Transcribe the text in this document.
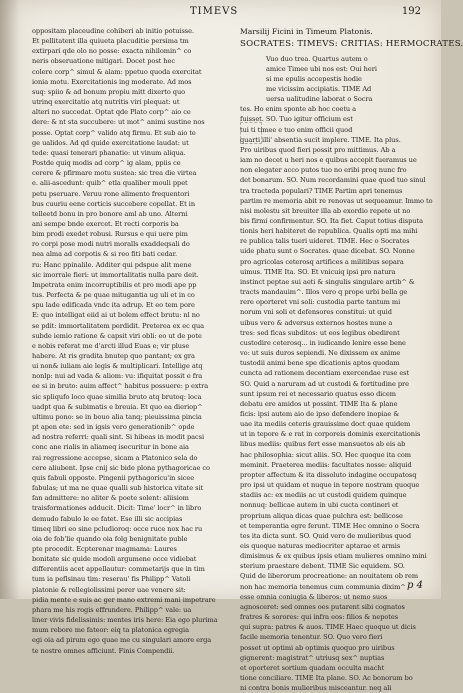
TIMEVS	192
oppositam placeudine cohiberi ab initio potuisse.
Et pellitatent illa quiueta placuditie persima tm
extirpari qde olo no posse: exacta nihilomin^ co
neris obseruatione mitigari. Docet post hec
colere corp^ simul & alam: ppetuo quoda exercitat
ionia motu. Exercitationis ing moderate. Ad mos
suq: spiio & ad bonum propiu mitt dixerto quo
utrinq exercitatio atq nutritis viri plequat: ut
alteri no succedat. Optat qde Plato corp^ aio ce
dere: & nt sta succubere: ut mot^ animi sustine nos
posse. Optat corp^ valido atq firmu. Et sub aio te
ge ualidos. Ad qd quide exercitatione laudat: ut
tede: quasi tenerari phanatio: ut vinum aliqua.
Postde quiq modis ad corp^ ig alam, ppiis ce
cerere & pfirmare motu sustea: sic trea die virtea
e. alii-ascedunt: quib^ etla qualiber mouli ppet
petu pseruare. Veruu rone alimento frequentori
bus cuuriu eene corticis succebere copellat. Et in
telleetd bonu in pro bonore aml ab uno. Alterni
ani sempe bnde exercet. Et recti corporis ba
bim prodi exedet robusi. Rursus e qui uere pim
ro corpi pose modi nutri moralls exaddeqsali do
nea alma ad corpotis & si reo fiti bati cedar.
ru: Hanc ppinalile. Additer qui pdspue alit mene
sic imorrale fieri: ut immortalitatis nulla pare deit.
Impetrata enim incorruptibilis et pro modi ape pp
tus. Perfecta & pe quae mitugantia ug uli et in co
spu lade edificada vndc ita adrup. Et eo tem pore
E: quo intelligat eiid ai ut bolem effect brutu: nl no
se pdit: immortalitatem perdidit. Preterea ex ec qua
subde iemio ratione & capsit viri obli: eo ut de pote
e nobis referat me d'arcti illud Euas e; vir pluse
habere. At ris gradita bnutep quo pantant; ex gra
ui non& iuliam aie legis & multiplicari. Intellige atq
nonlp: nui ad vada & aliom: vu: ifiquitat possit e fra
ee si in bruto: auim affect^ habitus possuere: p extra
sic spliqufo loco quae similia bruto atq brutoq: loca
uadpt qua & subimatis e breuia. Et quo ea dieriop^
ultimu pono: se in bouo alia tanq; pieuissima pincia
pt apen ete: sed in igsis vero generationib^ opde
ad nostra referri: quali sint. Si hibeas in modit pacsi
conc ane rialis in aliameq isecuritur in bone aia
rai regressione accepse, sicam a Platonico sela do
cere aliubent. Ipse cnij sic bide plona pythagoricae co
quis fabuli opposte. Pingenii pythagoricu'in sicee
fabulas; ut ma ne quae qualli sub historica vitate sit
fan admittere: no aliter & poete solent: aliisiom
traisformationes adducit. Dicit: Time' locr^ in libro
demudo fabulo le ee fatet. Ese illi sic accipias
timeq libri eo sine pcludioroq: occe ruce nox hac ru
oia de fob'lie quando oia folg benignitate puble
pte procedit. Ecpterenar magmama: Laures
bonitate sic quide modoli argumene occe vidiebat
differentiis acet appellautur: commetarijs que in tim
tum ia peflsinau tim: reserau' fis Philipp^ Vatoli
platonie & rellegiolissimi perer uae venere sit:
pidia mente e suis ac ger mano extremi mani impetrare
phara me his rogis effrundere. Philipp^ vale: ua
liner vivis fidelissimis: mentes iris here: Eia ego plurima
mum rebore me fateor: eiq ta platonica egregia
egi oia ad pirum ego quae me cu singulari amore erga
te nostre omnes afficiunt. Finis Compendii.
Marsilij Ficini in Timeum Platonis.
SOCRATES: TIMEVS: CRITIAS: HERMOCRATES.
Vuo duo trea. Quartus autem o
amice Timee ubi nos est: Oui heri
si me epulis accepestis hodie
me vicissim accipiatis. TIME Ad
uersa ualitudine laborat o Socra
tes. Ho enim sponte ab hoc coetu a
fuisset. SO. Tuo igitur officium est
tui ti timee e tuo enim officii quod
quarti illi' absentia sucit implere. TIME. Ita plus.
Pro uiribus quod fieri possit pro mittimus. Ab a
iam no decet u heri nos e quibus accepit fueramus ue
non elegater acco putos tuo no eribi proq nunc fro
det bonarum. SO. Num recordamini quae quod tuo sinul
tra tracteda populari? TIME Partim apri tenemus
partim re memoria abit re renovas ut sequeamur. Immo to
nisi molestu sit breuiter illa ab exordio repete ut no
bis firmi confirmentur. SO. Ita fiet. Caput totius disputa
tionis heri habiteret de republica. Qualis opti ma mihi
re publica talis tueri uideret. TIME. Hec o Socrates
uide phatu sunt o Socrates. quae dicebat. SO. Nonne
pro agricolas ceterosq artifices a militibus separa
uimus. TIME Ita. SO. Et vnicuiq ipsi pro natura
instinct peptae sui aeti & singulis singulare artib^ &
tracts mandauim^. Illos vero q prope urbi bella ge
rere oporteret vni soli: custodia parte tantum mi
norum vni soli et defensores constitui: ut quid
uibus vero & adversus externos hostes nune a
tres: sed ficas subditos: ut eos legibus obedirent
custodire ceterosq... in iudicando lenire esse bene
vo: ut suis duros sepiendi. Ne dixissem ex anime
tustodii animi bene spe dicationis aptos quodam
cuncta ad rationem decentiam exercendae ruse est
SO. Quid a naruram ad ut custodi & fortitudine pre
sunt ipsum rei et necessario quatus esso dicem
debatu ere amidos ut possint. TIME Ita & plane
ficis: ipsi autem aio de ipso defendere inopiae &
uae ita mediis ceteris grauissime doct quae quidem
ut in tepore & e rat in corporeis dominis exercitationis
libus mediis: quibus fert esse mansuetos ab eis ab
hac philosophia: sicut aliis. SO. Hec quoque ita com
meminit. Praeterea mediis: facultates nosse: aliquid
propter affectum & ita dissoluto indagine occupatosq
pro ipsi ut quidam et nuque in tepore nostram quoque
stadiis ac: ex mediis ac ut custodi quidem quinque
nonnuq: bellicae autem in ubi cucta contineri et
proprium aliqua dicas quae pulchra est: bellicose
et temperantia egre ferunt. TIME Hec omnino o Socra
tes ita dicta sunt. SO. Quid vero de mulieribus quod
eis quoque naturas mediocriter aptarae et armis
dimisimus & ex quibus ipsis etiam mulieres omnino mini
sterium praestare debent. TIME Sic equidem. SO.
Quid de liberorum procreatione: an nouitatem ob rem
non hac memoria tenemus cum communia dixim^
esse omnia coniugia & liberos: ut nemo suos
agnosceret: sed omnes oes putarent sibi cognatos
fratres & sorores: qui infra eos: filios & nepotes
qui supra: patres & auos. TIME Haec quoque ut dicis
facile memoria tenentur. SO. Quo vero fieri
posset ut optimi ab optimis quoquo pro uiribus
gignerent: magistrat^ utriusq sex^ nuptias
et oporteret sortium quadam occulta macht
tione conciliare. TIME Ita plane. SO. Ac bonorum bo
ni contra bonis mulieribus misceantur. neq ali
p 4
